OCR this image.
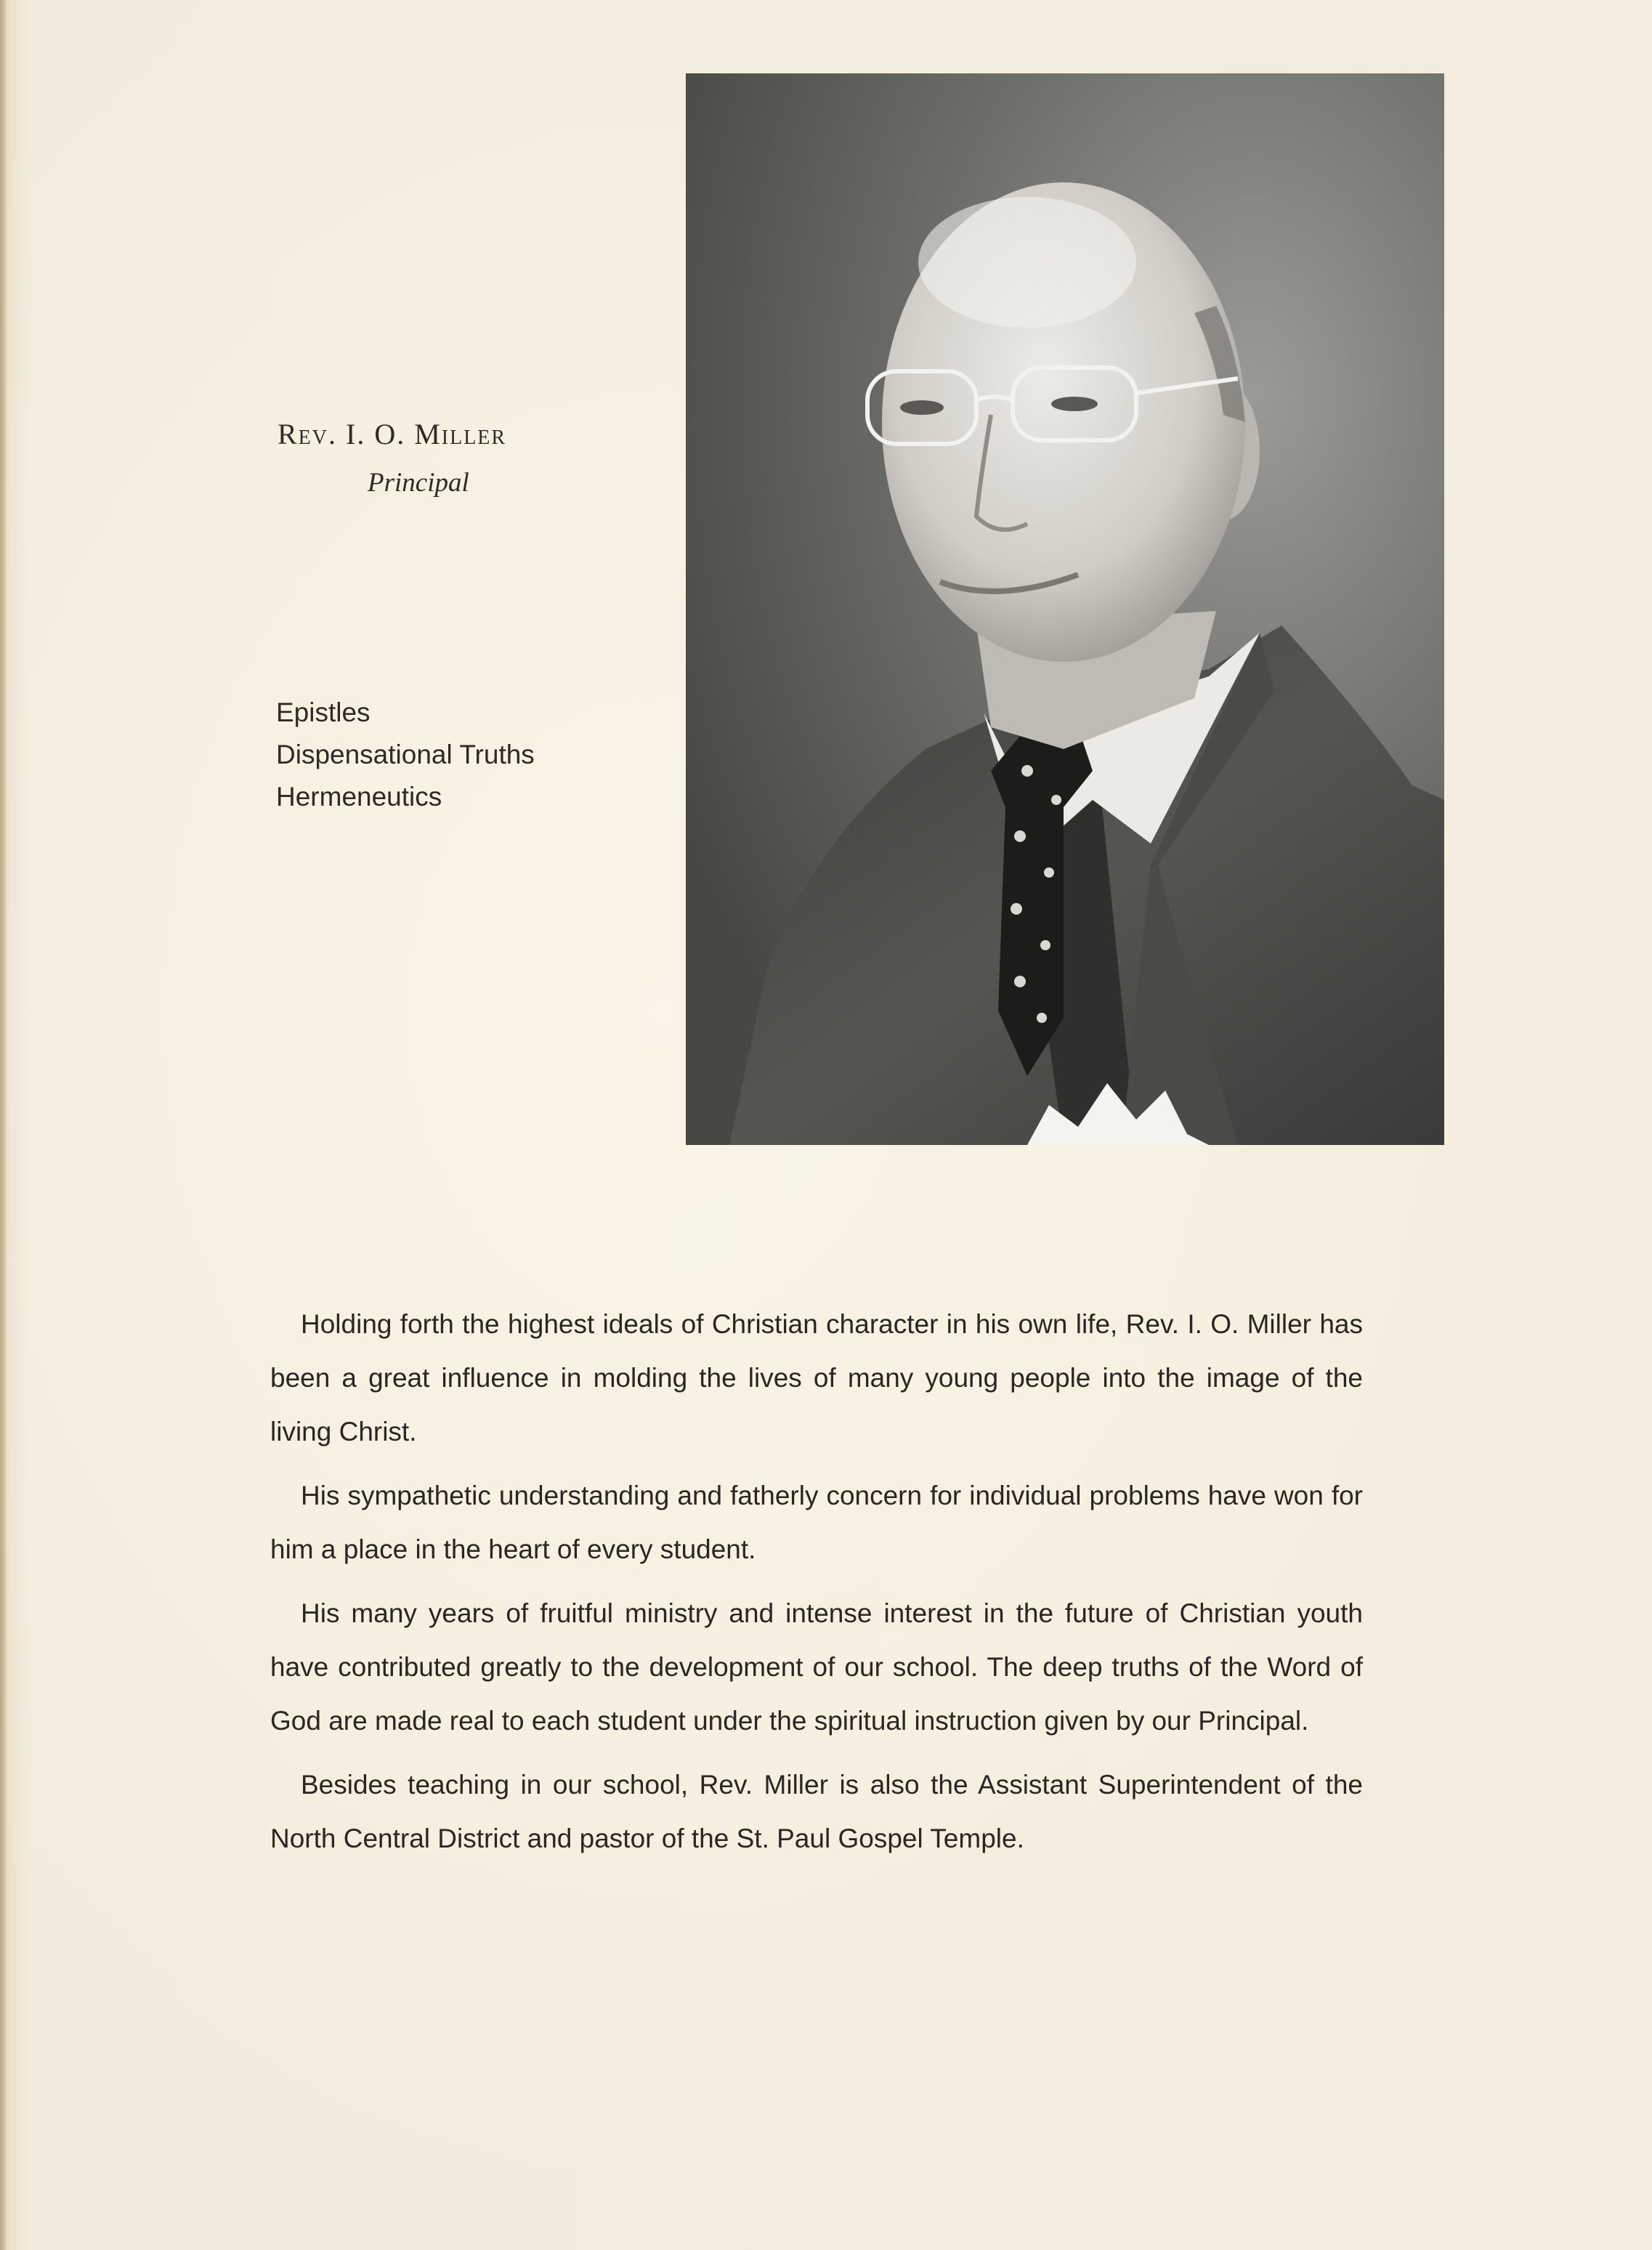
Rev. I. O. Miller
Principal
Epistles
Dispensational Truths
Hermeneutics

Holding forth the highest ideals of Christian character in his own life, Rev. I. O. Miller has been a great influence in molding the lives of many young people into the image of the living Christ.

His sympathetic understanding and fatherly concern for individual problems have won for him a place in the heart of every student.

His many years of fruitful ministry and intense interest in the future of Christian youth have contributed greatly to the development of our school. The deep truths of the Word of God are made real to each student under the spiritual instruction given by our Principal.

Besides teaching in our school, Rev. Miller is also the Assistant Superintendent of the North Central District and pastor of the St. Paul Gospel Temple.
